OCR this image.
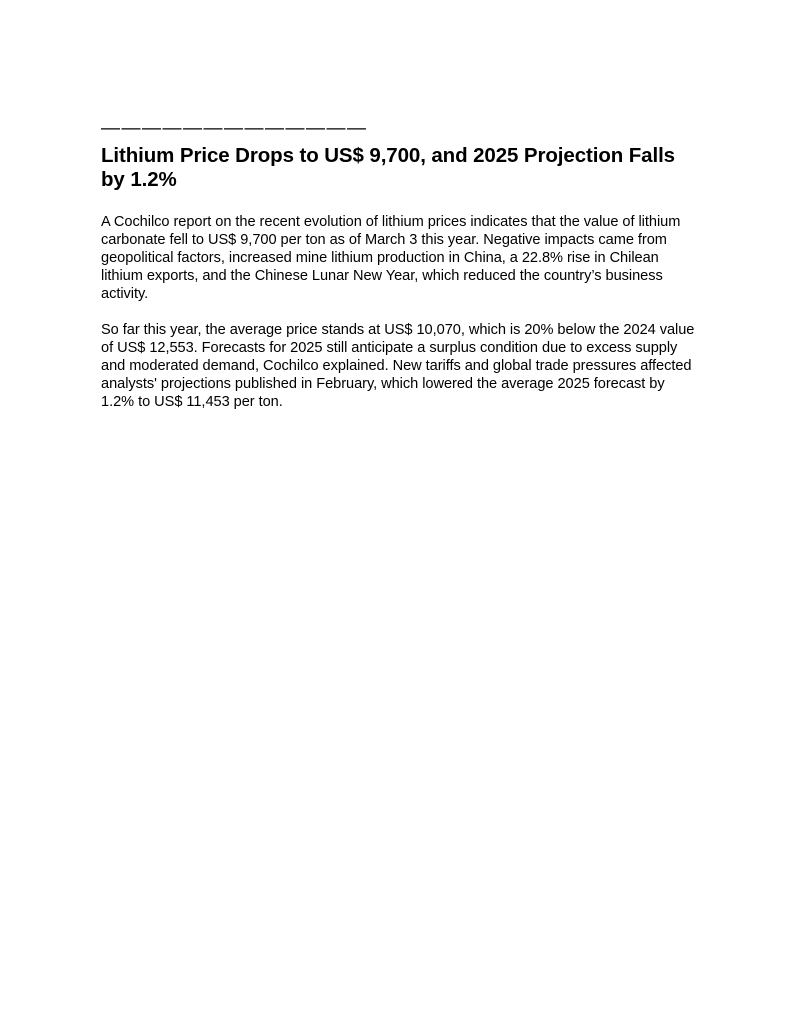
—————————————
Lithium Price Drops to US$ 9,700, and 2025 Projection Falls by 1.2%

A Cochilco report on the recent evolution of lithium prices indicates that the value of lithium carbonate fell to US$ 9,700 per ton as of March 3 this year. Negative impacts came from geopolitical factors, increased mine lithium production in China, a 22.8% rise in Chilean lithium exports, and the Chinese Lunar New Year, which reduced the country’s business activity.

So far this year, the average price stands at US$ 10,070, which is 20% below the 2024 value of US$ 12,553. Forecasts for 2025 still anticipate a surplus condition due to excess supply and moderated demand, Cochilco explained. New tariffs and global trade pressures affected analysts' projections published in February, which lowered the average 2025 forecast by 1.2% to US$ 11,453 per ton.
